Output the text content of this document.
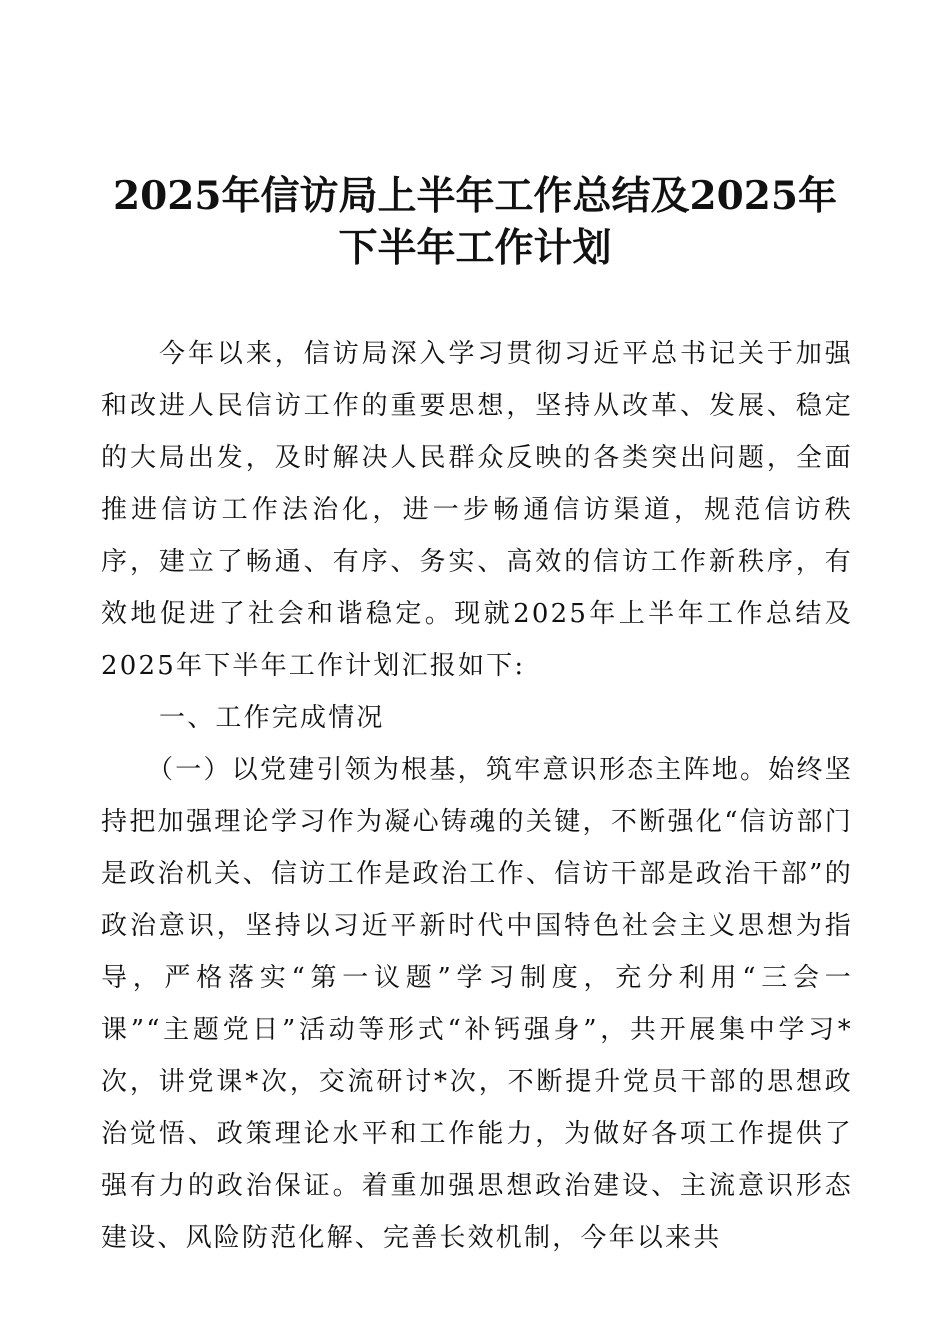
2025年信访局上半年工作总结及2025年
下半年工作计划

今年以来，信访局深入学习贯彻习近平总书记关于加强和改进人民信访工作的重要思想，坚持从改革、发展、稳定的大局出发，及时解决人民群众反映的各类突出问题，全面推进信访工作法治化，进一步畅通信访渠道，规范信访秩序，建立了畅通、有序、务实、高效的信访工作新秩序，有效地促进了社会和谐稳定。现就2025年上半年工作总结及2025年下半年工作计划汇报如下:

一、工作完成情况

（一）以党建引领为根基，筑牢意识形态主阵地。始终坚持把加强理论学习作为凝心铸魂的关键，不断强化“信访部门是政治机关、信访工作是政治工作、信访干部是政治干部”的政治意识，坚持以习近平新时代中国特色社会主义思想为指导，严格落实“第一议题”学习制度，充分利用“三会一课”“主题党日”活动等形式“补钙强身”，共开展集中学习*次，讲党课*次，交流研讨*次，不断提升党员干部的思想政治觉悟、政策理论水平和工作能力，为做好各项工作提供了强有力的政治保证。着重加强思想政治建设、主流意识形态建设、风险防范化解、完善长效机制，今年以来共
